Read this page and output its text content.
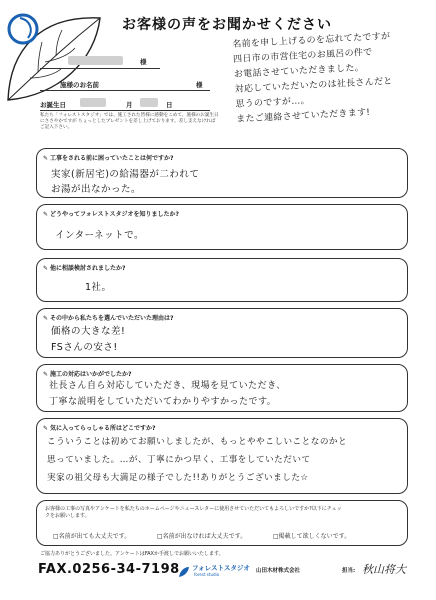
お客様の声をお聞かせください
様
施様のお名前	様
お誕生日	月	日
私たち「フォレストスタジオ」では、施工された皆様に感動をこめて、施様のお誕生日にささやかですが ちょっとしたプレゼントを差し上げております。差し支えなければご記入下さい。
名前を申し上げるのを忘れてたですが
四日市の市営住宅のお風呂の件で
お電話させていただきました。
対応していただいたのは社長さんだと
思うのですが…。
またご連絡させていただきます!
✎ 工事をされる前に困っていたことは何ですか?
実家(新居宅)の給湯器が二われて
お湯が出なかった。
✎ どうやってフォレストスタジオを知りましたか?
インターネットで。
✎ 他に相談検討されましたか?
1社。
✎ その中から私たちを選んでいただいた理由は?
価格の大きな差!
FSさんの安さ!
✎ 施工の対応はいかがでしたか?
社長さん自ら対応していただき、現場を見ていただき、
丁寧な説明をしていただいてわかりやすかったです。
✎ 気に入ってらっしゃる所はどこですか?
こういうことは初めてお願いしましたが、もっとややこしいことなのかと
思っていました。…が、丁寧にかつ早く、工事をしていただいて
実家の祖父母も大満足の様子でした!!ありがとうございました☆
お客様の工事の写真やアンケートを私たちのホームページやニュースレターに使用させていただいてもよろしいですか?以下にチェックをお願いします。
□名前が出ても大丈夫です。	□名前が出なければ大丈夫です。	□掲載して欲しくないです。
ご協力ありがとうございました。アンケートはFAXか手渡しでお願いいたします。
FAX.0256-34-7198 フォレストスタジオ
forest studio
山田木材株式会社	担当: 秋山将大
